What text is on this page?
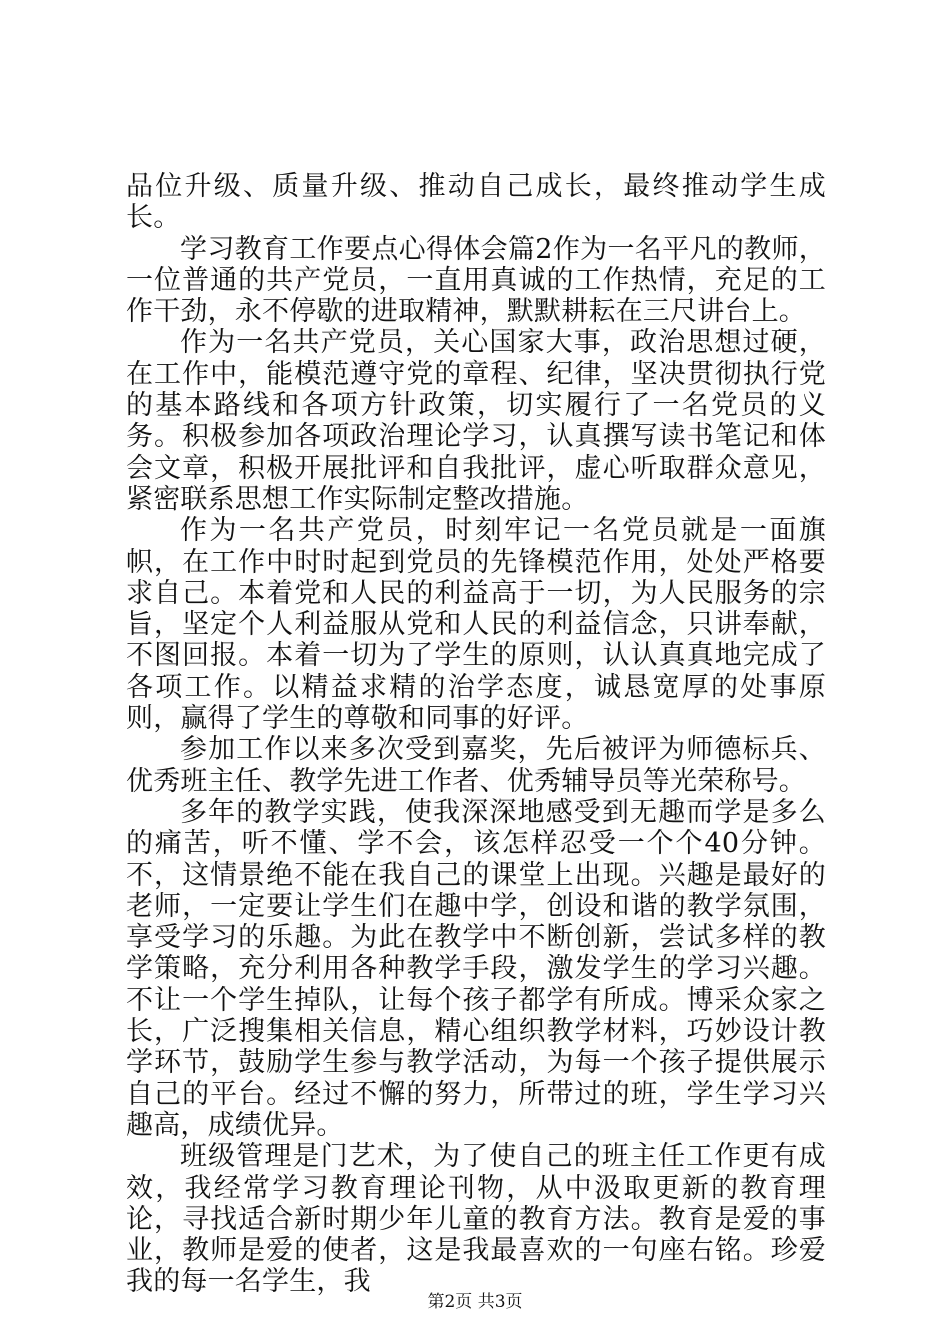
品位升级、质量升级、推动自己成长，最终推动学生成长。

学习教育工作要点心得体会篇2作为一名平凡的教师，一位普通的共产党员，一直用真诚的工作热情，充足的工作干劲，永不停歇的进取精神，默默耕耘在三尺讲台上。

作为一名共产党员，关心国家大事，政治思想过硬，在工作中，能模范遵守党的章程、纪律，坚决贯彻执行党的基本路线和各项方针政策，切实履行了一名党员的义务。积极参加各项政治理论学习，认真撰写读书笔记和体会文章，积极开展批评和自我批评，虚心听取群众意见，紧密联系思想工作实际制定整改措施。

作为一名共产党员，时刻牢记一名党员就是一面旗帜，在工作中时时起到党员的先锋模范作用，处处严格要求自己。本着党和人民的利益高于一切，为人民服务的宗旨，坚定个人利益服从党和人民的利益信念，只讲奉献，不图回报。本着一切为了学生的原则，认认真真地完成了各项工作。以精益求精的治学态度，诚恳宽厚的处事原则，赢得了学生的尊敬和同事的好评。

参加工作以来多次受到嘉奖，先后被评为师德标兵、优秀班主任、教学先进工作者、优秀辅导员等光荣称号。

多年的教学实践，使我深深地感受到无趣而学是多么的痛苦，听不懂、学不会，该怎样忍受一个个40分钟。不，这情景绝不能在我自己的课堂上出现。兴趣是最好的老师，一定要让学生们在趣中学，创设和谐的教学氛围，享受学习的乐趣。为此在教学中不断创新，尝试多样的教学策略，充分利用各种教学手段，激发学生的学习兴趣。不让一个学生掉队，让每个孩子都学有所成。博采众家之长，广泛搜集相关信息，精心组织教学材料，巧妙设计教学环节，鼓励学生参与教学活动，为每一个孩子提供展示自己的平台。经过不懈的努力，所带过的班，学生学习兴趣高，成绩优异。

班级管理是门艺术，为了使自己的班主任工作更有成效，我经常学习教育理论刊物，从中汲取更新的教育理论，寻找适合新时期少年儿童的教育方法。教育是爱的事业，教师是爱的使者，这是我最喜欢的一句座右铭。珍爱我的每一名学生，我

第2页 共3页
